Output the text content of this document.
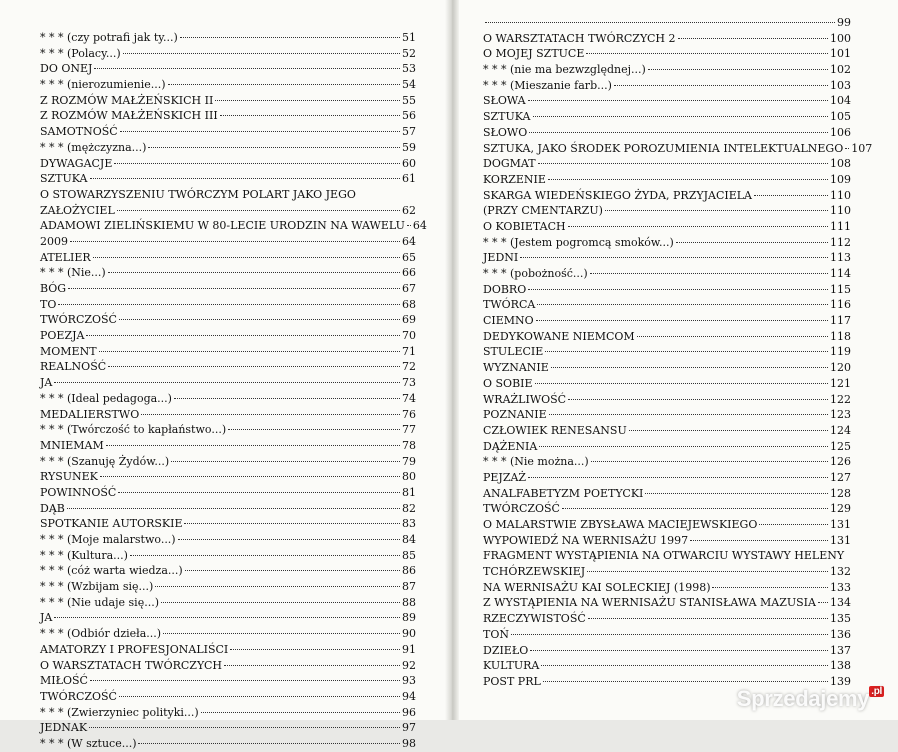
* * * (czy potrafi jak ty...)	51
* * * (Polacy...)	52
DO ONEJ	53
* * * (nierozumienie...)	54
Z ROZMÓW MAŁŻEŃSKICH II	55
Z ROZMÓW MAŁŻEŃSKICH III	56
SAMOTNOŚĆ	57
* * * (mężczyzna...)	59
DYWAGACJE	60
SZTUKA	61
O STOWARZYSZENIU TWÓRCZYM POLART JAKO JEGO
ZAŁOŻYCIEL	62
ADAMOWI ZIELIŃSKIEMU W 80-LECIE URODZIN NA WAWELU 64
2009	64
ATELIER	65
* * * (Nie...)	66
BÓG	67
TO	68
TWÓRCZOŚĆ	69
POEZJA	70
MOMENT	71
REALNOŚĆ	72
JA	73
* * * (Ideal pedagoga...)	74
MEDALIERSTWO	76
* * * (Twórczość to kapłaństwo...)	77
MNIEMAM	78
* * * (Szanuję Żydów...)	79
RYSUNEK	80
POWINNOŚĆ	81
DĄB	82
SPOTKANIE AUTORSKIE	83
* * * (Moje malarstwo...)	84
* * * (Kultura...)	85
* * * (cóż warta wiedza...)	86
* * * (Wzbijam się...)	87
* * * (Nie udaje się...)	88
JA	89
* * * (Odbiór dzieła...)	90
AMATORZY I PROFESJONALIŚCI	91
O WARSZTATACH TWÓRCZYCH	92
MIŁOŚĆ	93
TWÓRCZOŚĆ	94
* * * (Zwierzyniec polityki...)	96
JEDNAK	97
* * * (W sztuce...)	98
99
O WARSZTATACH TWÓRCZYCH 2	100
O MOJEJ SZTUCE	101
* * * (nie ma bezwzględnej...)	102
* * * (Mieszanie farb...)	103
SŁOWA	104
SZTUKA	105
SŁOWO	106
SZTUKA, JAKO ŚRODEK POROZUMIENIA INTELEKTUALNEGO 107
DOGMAT	108
KORZENIE	109
SKARGA WIEDEŃSKIEGO ŻYDA, PRZYJACIELA	110
(PRZY CMENTARZU)	110
O KOBIETACH	111
* * * (Jestem pogromcą smoków...)	112
JEDNI	113
* * * (pobożność...)	114
DOBRO	115
TWÓRCA	116
CIEMNO	117
DEDYKOWANE NIEMCOM	118
STULECIE	119
WYZNANIE	120
O SOBIE	121
WRAŻLIWOŚĆ	122
POZNANIE	123
CZŁOWIEK RENESANSU	124
DĄŻENIA	125
* * * (Nie można...)	126
PEJZAŻ	127
ANALFABETYZM POETYCKI	128
TWÓRCZOŚĆ	129
O MALARSTWIE ZBYSŁAWA MACIEJEWSKIEGO	131
WYPOWIEDŹ NA WERNISAŻU 1997	131
FRAGMENT WYSTĄPIENIA NA OTWARCIU WYSTAWY HELENY
TCHÓRZEWSKIEJ	132
NA WERNISAŻU KAI SOLECKIEJ (1998)	133
Z WYSTĄPIENIA NA WERNISAŻU STANISŁAWA MAZUSIA 134
RZECZYWISTOŚĆ	135
TOŃ	136
DZIEŁO	137
KULTURA	138
POST PRL	139
Sprzedajemy $^{.pl}$
